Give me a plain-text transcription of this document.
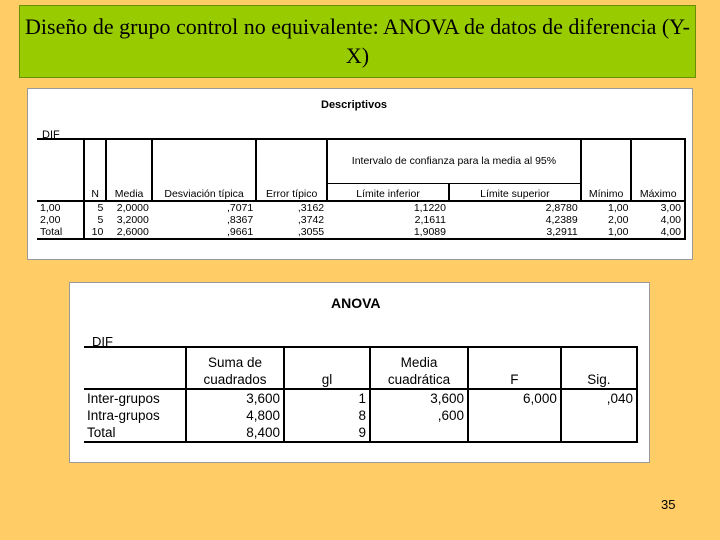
Diseño de grupo control no equivalente: ANOVA de datos de diferencia (Y-X)
Descriptivos
DIF
	N	Media	Desviación típica	Error típico	Intervalo de confianza para la media al 95%		Mínimo	Máximo
					Límite inferior	Límite superior		
1,00	5	2,0000	,7071	,3162	1,1220	2,8780	1,00	3,00
2,00	5	3,2000	,8367	,3742	2,1611	4,2389	2,00	4,00
Total	10	2,6000	,9661	,3055	1,9089	3,2911	1,00	4,00
ANOVA
DIF
	Suma de cuadrados	gl	Media cuadrática	F	Sig.
Inter-grupos	3,600	1	3,600	6,000	,040
Intra-grupos	4,800	8	,600		
Total	8,400	9			
35
